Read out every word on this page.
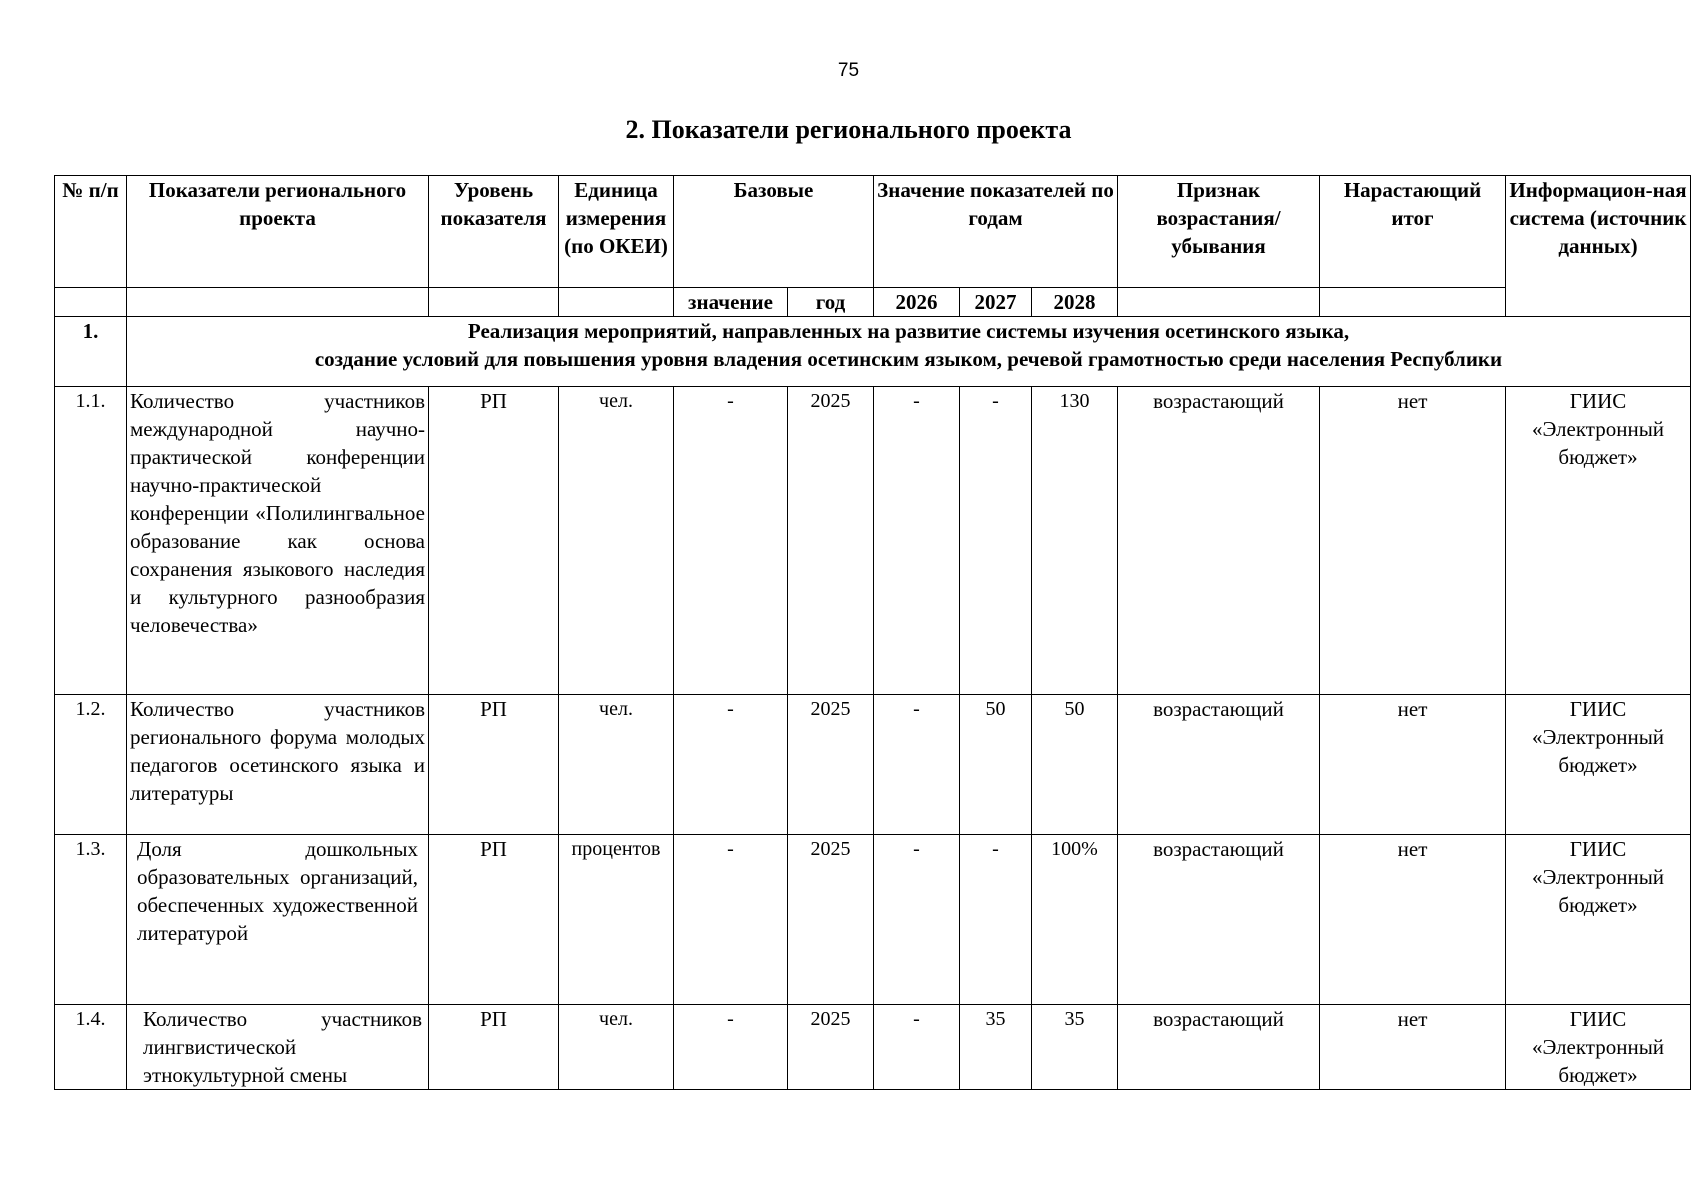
75
2. Показатели регионального проекта
№ п/п	Показатели регионального проекта	Уровень показателя	Единица измерения (по ОКЕИ)	Базовые		Значение показателей по годам			Признак возрастания/ убывания	Нарастающий итог	Информацион-ная система (источник данных)
				значение	год	2026	2027	2028			
1.	Реализация мероприятий, направленных на развитие системы изучения осетинского языка,
создание условий для повышения уровня владения осетинским языком, речевой грамотностью среди населения Республики										
1.1.	Количество участников международной научно-практической конференции научно-практической конференции «Полилингвальное образование как основа сохранения языкового наследия и культурного разнообразия человечества»	РП	чел.	-	2025	-	-	130	возрастающий	нет	ГИИС «Электронный бюджет»
1.2.	Количество участников регионального форума молодых педагогов осетинского языка и литературы	РП	чел.	-	2025	-	50	50	возрастающий	нет	ГИИС «Электронный бюджет»
1.3.	Доля дошкольных образовательных организаций, обеспеченных художественной литературой	РП	процентов	-	2025	-	-	100%	возрастающий	нет	ГИИС «Электронный бюджет»
1.4.	Количество участников лингвистической этнокультурной смены	РП	чел.	-	2025	-	35	35	возрастающий	нет	ГИИС «Электронный бюджет»
